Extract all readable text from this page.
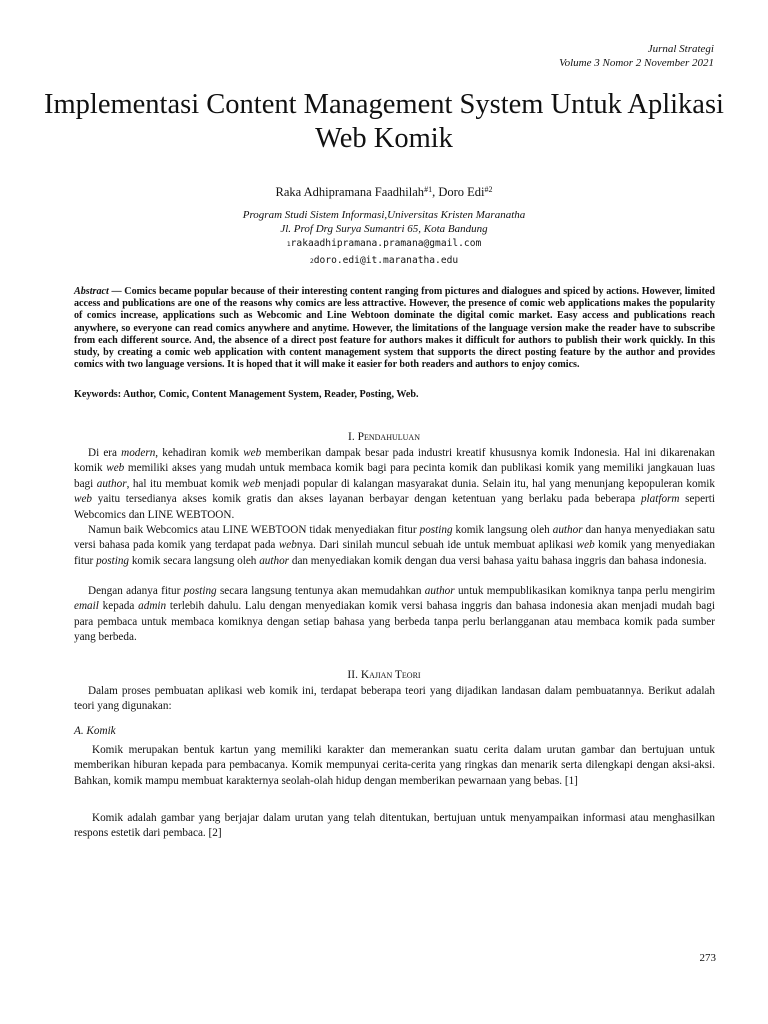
Jurnal Strategi
Volume 3 Nomor 2 November 2021
Implementasi Content Management System Untuk Aplikasi Web Komik
Raka Adhipramana Faadhilah$^{\#1}$, Doro Edi$^{\#2}$
Program Studi Sistem Informasi,Universitas Kristen Maranatha
Jl. Prof Drg Surya Sumantri 65, Kota Bandung
$^1$rakaadhipramana.pramana@gmail.com
$^2$doro.edi@it.maranatha.edu

Abstract — Comics became popular because of their interesting content ranging from pictures and dialogues and spiced by actions. However, limited access and publications are one of the reasons why comics are less attractive. However, the presence of comic web applications makes the popularity of comics increase, applications such as Webcomic and Line Webtoon dominate the digital comic market. Easy access and publications reach anywhere, so everyone can read comics anywhere and anytime. However, the limitations of the language version make the reader have to subscribe from each different source. And, the absence of a direct post feature for authors makes it difficult for authors to publish their work quickly. In this study, by creating a comic web application with content management system that supports the direct posting feature by the author and provides comics with two language versions. It is hoped that it will make it easier for both readers and authors to enjoy comics.

Keywords: Author, Comic, Content Management System, Reader, Posting, Web.

I. Pendahuluan

Di era modern, kehadiran komik web memberikan dampak besar pada industri kreatif khususnya komik Indonesia. Hal ini dikarenakan komik web memiliki akses yang mudah untuk membaca komik bagi para pecinta komik dan publikasi komik yang memiliki jangkauan luas bagi author, hal itu membuat komik web menjadi popular di kalangan masyarakat dunia. Selain itu, hal yang menunjang kepopuleran komik web yaitu tersedianya akses komik gratis dan akses layanan berbayar dengan ketentuan yang berlaku pada beberapa platform seperti Webcomics dan LINE WEBTOON.

Namun baik Webcomics atau LINE WEBTOON tidak menyediakan fitur posting komik langsung oleh author dan hanya menyediakan satu versi bahasa pada komik yang terdapat pada webnya. Dari sinilah muncul sebuah ide untuk membuat aplikasi web komik yang menyediakan fitur posting komik secara langsung oleh author dan menyediakan komik dengan dua versi bahasa yaitu bahasa inggris dan bahasa indonesia.

Dengan adanya fitur posting secara langsung tentunya akan memudahkan author untuk mempublikasikan komiknya tanpa perlu mengirim email kepada admin terlebih dahulu. Lalu dengan menyediakan komik versi bahasa inggris dan bahasa indonesia akan menjadi mudah bagi para pembaca untuk membaca komiknya dengan setiap bahasa yang berbeda tanpa perlu berlangganan atau membaca komik pada sumber yang berbeda.

II. Kajian Teori

Dalam proses pembuatan aplikasi web komik ini, terdapat beberapa teori yang dijadikan landasan dalam pembuatannya. Berikut adalah teori yang digunakan:

A. Komik

Komik merupakan bentuk kartun yang memiliki karakter dan memerankan suatu cerita dalam urutan gambar dan bertujuan untuk memberikan hiburan kepada para pembacanya. Komik mempunyai cerita-cerita yang ringkas dan menarik serta dilengkapi dengan aksi-aksi. Bahkan, komik mampu membuat karakternya seolah-olah hidup dengan memberikan pewarnaan yang bebas. [1]

Komik adalah gambar yang berjajar dalam urutan yang telah ditentukan, bertujuan untuk menyampaikan informasi atau menghasilkan respons estetik dari pembaca. [2]

273
